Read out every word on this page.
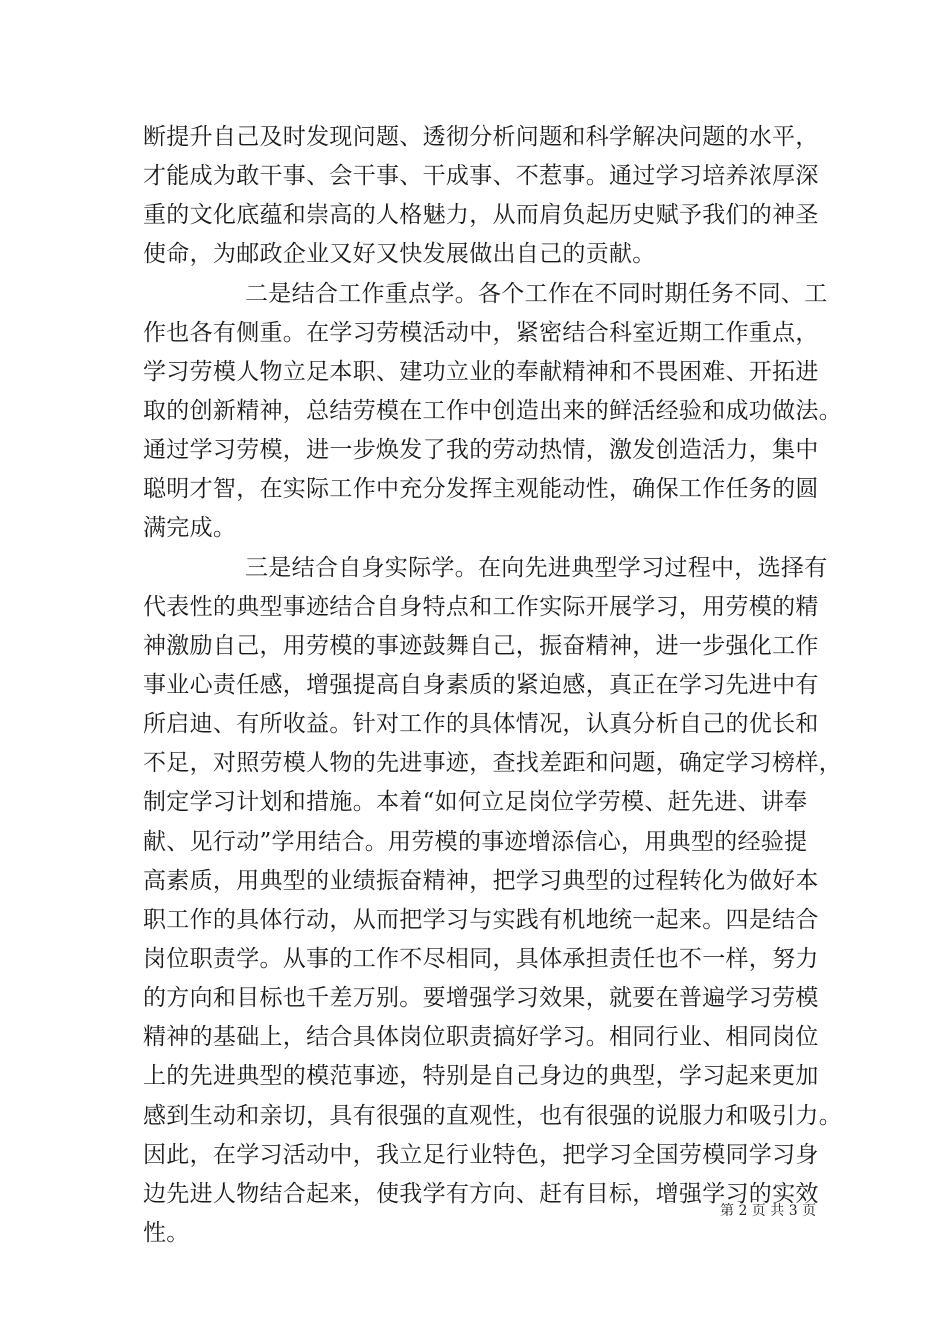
断提升自己及时发现问题、透彻分析问题和科学解决问题的水平，
才能成为敢干事、会干事、干成事、不惹事。通过学习培养浓厚深
重的文化底蕴和崇高的人格魅力，从而肩负起历史赋予我们的神圣
使命，为邮政企业又好又快发展做出自己的贡献。
二是结合工作重点学。各个工作在不同时期任务不同、工
作也各有侧重。在学习劳模活动中，紧密结合科室近期工作重点，
学习劳模人物立足本职、建功立业的奉献精神和不畏困难、开拓进
取的创新精神，总结劳模在工作中创造出来的鲜活经验和成功做法。
通过学习劳模，进一步焕发了我的劳动热情，激发创造活力，集中
聪明才智，在实际工作中充分发挥主观能动性，确保工作任务的圆
满完成。
三是结合自身实际学。在向先进典型学习过程中，选择有
代表性的典型事迹结合自身特点和工作实际开展学习，用劳模的精
神激励自己，用劳模的事迹鼓舞自己，振奋精神，进一步强化工作
事业心责任感，增强提高自身素质的紧迫感，真正在学习先进中有
所启迪、有所收益。针对工作的具体情况，认真分析自己的优长和
不足，对照劳模人物的先进事迹，查找差距和问题，确定学习榜样，
制定学习计划和措施。本着“如何立足岗位学劳模、赶先进、讲奉
献、见行动”学用结合。用劳模的事迹增添信心，用典型的经验提
高素质，用典型的业绩振奋精神，把学习典型的过程转化为做好本
职工作的具体行动，从而把学习与实践有机地统一起来。四是结合
岗位职责学。从事的工作不尽相同，具体承担责任也不一样，努力
的方向和目标也千差万别。要增强学习效果，就要在普遍学习劳模
精神的基础上，结合具体岗位职责搞好学习。相同行业、相同岗位
上的先进典型的模范事迹，特别是自己身边的典型，学习起来更加
感到生动和亲切，具有很强的直观性，也有很强的说服力和吸引力。
因此，在学习活动中，我立足行业特色，把学习全国劳模同学习身
边先进人物结合起来，使我学有方向、赶有目标，增强学习的实效
性。
第 2 页 共 3 页
